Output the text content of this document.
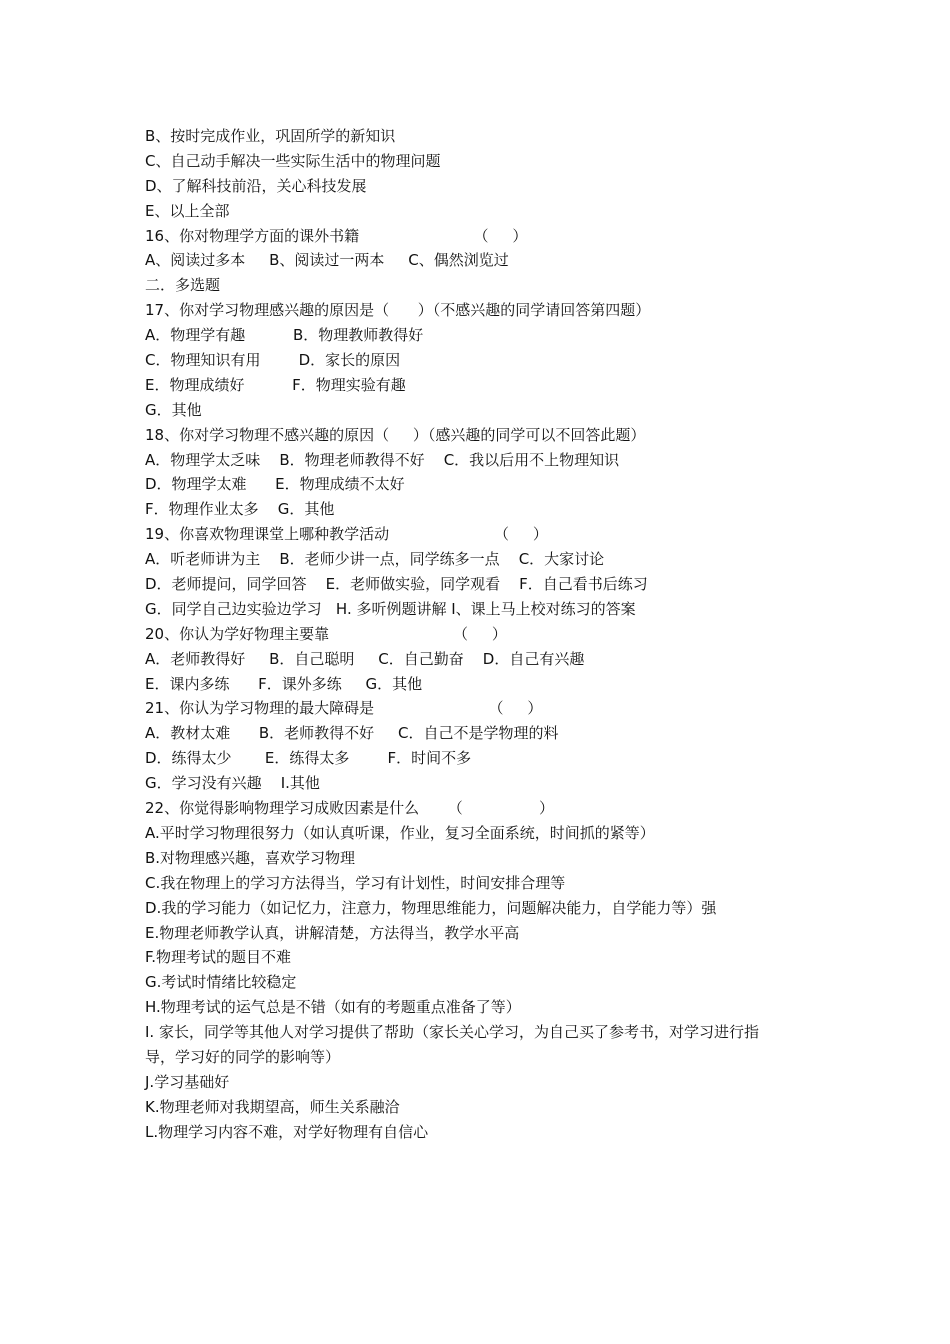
B、按时完成作业，巩固所学的新知识
C、自己动手解决一些实际生活中的物理问题
D、了解科技前沿，关心科技发展
E、以上全部
16、你对物理学方面的课外书籍                        （     ）
A、阅读过多本     B、阅读过一两本     C、偶然浏览过
二．多选题
17、你对学习物理感兴趣的原因是（      ）（不感兴趣的同学请回答第四题）
A．物理学有趣          B．物理教师教得好
C．物理知识有用        D．家长的原因
E．物理成绩好          F．物理实验有趣
G．其他
18、你对学习物理不感兴趣的原因（     ）（感兴趣的同学可以不回答此题）
A．物理学太乏味    B．物理老师教得不好    C．我以后用不上物理知识
D．物理学太难      E．物理成绩不太好
F．物理作业太多    G．其他
19、你喜欢物理课堂上哪种教学活动                      （     ）
A．听老师讲为主    B．老师少讲一点，同学练多一点    C．大家讨论
D．老师提问，同学回答    E．老师做实验，同学观看    F．自己看书后练习
G．同学自己边实验边学习   H. 多听例题讲解 I、课上马上校对练习的答案
20、你认为学好物理主要靠                          （     ）
A．老师教得好     B．自己聪明     C．自己勤奋    D．自己有兴趣
E．课内多练      F．课外多练     G．其他
21、你认为学习物理的最大障碍是                        （     ）
A．教材太难      B．老师教得不好     C．自己不是学物理的料
D．练得太少       E．练得太多        F．时间不多
G．学习没有兴趣    I.其他
22、你觉得影响物理学习成败因素是什么      （                ）
A.平时学习物理很努力（如认真听课，作业，复习全面系统，时间抓的紧等）
B.对物理感兴趣，喜欢学习物理
C.我在物理上的学习方法得当，学习有计划性，时间安排合理等
D.我的学习能力（如记忆力，注意力，物理思维能力，问题解决能力，自学能力等）强
E.物理老师教学认真，讲解清楚，方法得当，教学水平高
F.物理考试的题目不难
G.考试时情绪比较稳定
H.物理考试的运气总是不错（如有的考题重点准备了等）
I. 家长，同学等其他人对学习提供了帮助（家长关心学习，为自己买了参考书，对学习进行指
导，学习好的同学的影响等）
J.学习基础好
K.物理老师对我期望高，师生关系融洽
L.物理学习内容不难，对学好物理有自信心
